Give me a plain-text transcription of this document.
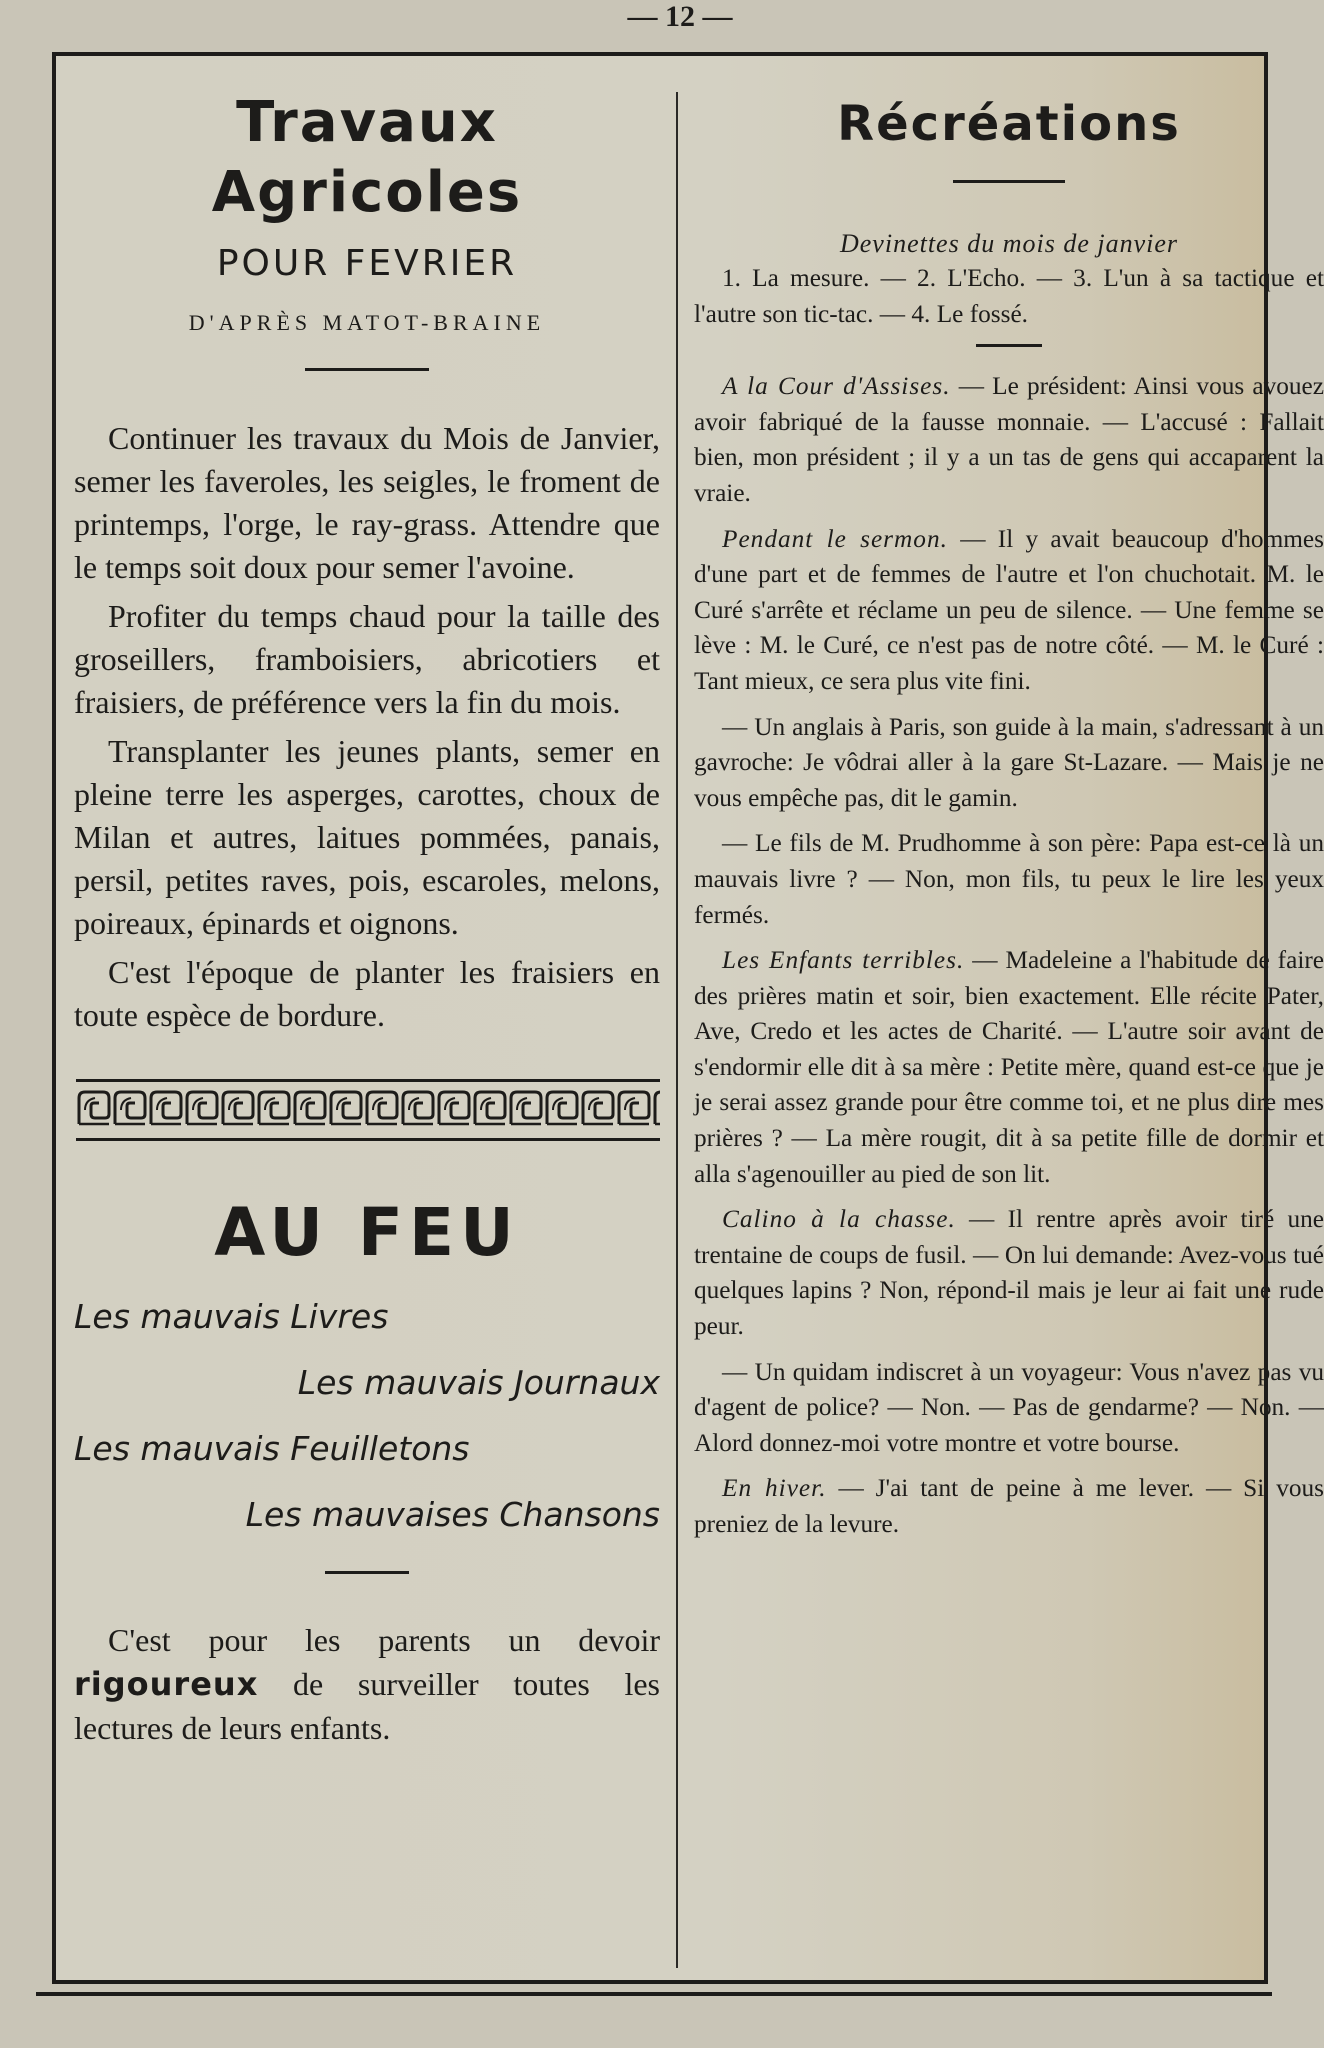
— 12 —
Travaux Agricoles
POUR FEVRIER
D'APRÈS MATOT-BRAINE

Continuer les travaux du Mois de Janvier, semer les faveroles, les seigles, le froment de printemps, l'orge, le ray-grass. Attendre que le temps soit doux pour semer l'avoine.

Profiter du temps chaud pour la taille des groseillers, framboisiers, abricotiers et fraisiers, de préférence vers la fin du mois.

Transplanter les jeunes plants, semer en pleine terre les asperges, carottes, choux de Milan et autres, laitues pommées, panais, persil, petites raves, pois, escaroles, melons, poireaux, épinards et oignons.

C'est l'époque de planter les fraisiers en toute espèce de bordure.

AU FEU
Les mauvais Livres
Les mauvais Journaux
Les mauvais Feuilletons
Les mauvaises Chansons
C'est pour les parents un devoir rigoureux de surveiller toutes les lectures de leurs enfants.
Récréations
Devinettes du mois de janvier

1. La mesure. — 2. L'Echo. — 3. L'un à sa tactique et l'autre son tic-tac. — 4. Le fossé.

A la Cour d'Assises. — Le président: Ainsi vous avouez avoir fabriqué de la fausse monnaie. — L'accusé : Fallait bien, mon président ; il y a un tas de gens qui accaparent la vraie.

Pendant le sermon. — Il y avait beaucoup d'hommes d'une part et de femmes de l'autre et l'on chuchotait. M. le Curé s'arrête et réclame un peu de silence. — Une femme se lève : M. le Curé, ce n'est pas de notre côté. — M. le Curé : Tant mieux, ce sera plus vite fini.

— Un anglais à Paris, son guide à la main, s'adressant à un gavroche: Je vôdrai aller à la gare St-Lazare. — Mais je ne vous empêche pas, dit le gamin.

— Le fils de M. Prudhomme à son père: Papa est-ce là un mauvais livre ? — Non, mon fils, tu peux le lire les yeux fermés.

Les Enfants terribles. — Madeleine a l'habitude de faire des prières matin et soir, bien exactement. Elle récite Pater, Ave, Credo et les actes de Charité. — L'autre soir avant de s'endormir elle dit à sa mère : Petite mère, quand est-ce que je je serai assez grande pour être comme toi, et ne plus dire mes prières ? — La mère rougit, dit à sa petite fille de dormir et alla s'agenouiller au pied de son lit.

Calino à la chasse. — Il rentre après avoir tiré une trentaine de coups de fusil. — On lui demande: Avez-vous tué quelques lapins ? Non, répond-il mais je leur ai fait une rude peur.

— Un quidam indiscret à un voyageur: Vous n'avez pas vu d'agent de police? — Non. — Pas de gendarme? — Non. — Alord donnez-moi votre montre et votre bourse.

En hiver. — J'ai tant de peine à me lever. — Si vous preniez de la levure.
